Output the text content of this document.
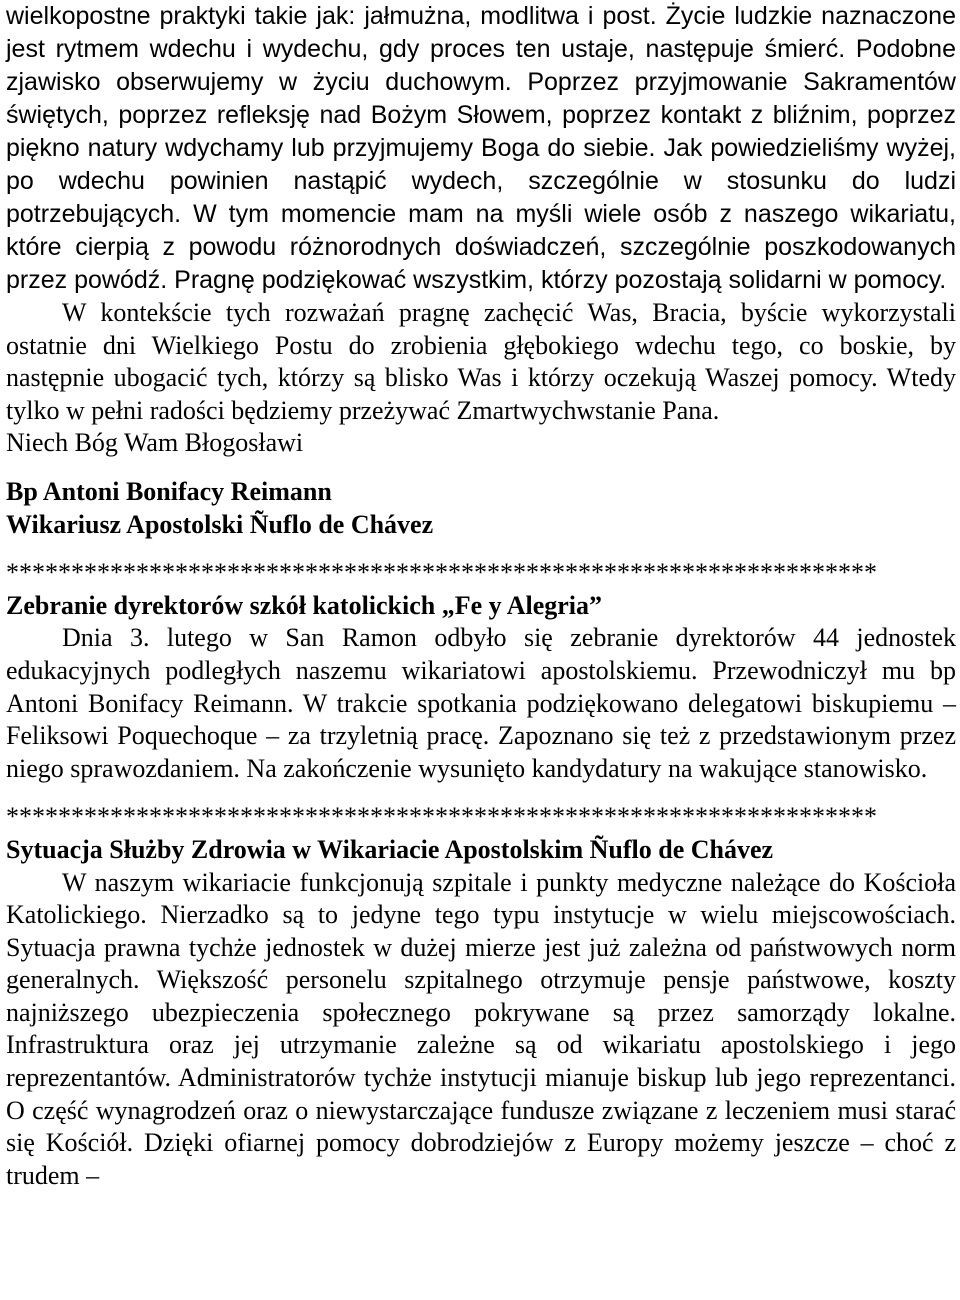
wielkopostne praktyki takie jak: jałmużna, modlitwa i post. Życie ludzkie naznaczone jest rytmem wdechu i wydechu, gdy proces ten ustaje, następuje śmierć. Podobne zjawisko obserwujemy w życiu duchowym. Poprzez przyjmowanie Sakramentów świętych, poprzez refleksję nad Bożym Słowem, poprzez kontakt z bliźnim, poprzez piękno natury wdychamy lub przyjmujemy Boga do siebie. Jak powiedzieliśmy wyżej, po wdechu powinien nastąpić wydech, szczególnie w stosunku do ludzi potrzebujących. W tym momencie mam na myśli wiele osób z naszego wikariatu, które cierpią z powodu różnorodnych doświadczeń, szczególnie poszkodowanych przez powódź. Pragnę podziękować wszystkim, którzy pozostają solidarni w pomocy.

W kontekście tych rozważań pragnę zachęcić Was, Bracia, byście wykorzystali ostatnie dni Wielkiego Postu do zrobienia głębokiego wdechu tego, co boskie, by następnie ubogacić tych, którzy są blisko Was i którzy oczekują Waszej pomocy. Wtedy tylko w pełni radości będziemy przeżywać Zmartwychwstanie Pana.

Niech Bóg Wam Błogosławi

Bp Antoni Bonifacy Reimann

Wikariusz Apostolski Ñuflo de Chávez

*******************************************************************

Zebranie dyrektorów szkół katolickich „Fe y Alegria”

Dnia 3. lutego w San Ramon odbyło się zebranie dyrektorów 44 jednostek edukacyjnych podległych naszemu wikariatowi apostolskiemu. Przewodniczył mu bp Antoni Bonifacy Reimann. W trakcie spotkania podziękowano delegatowi biskupiemu – Feliksowi Poquechoque – za trzyletnią pracę. Zapoznano się też z przedstawionym przez niego sprawozdaniem. Na zakończenie wysunięto kandydatury na wakujące stanowisko.

*******************************************************************

Sytuacja Służby Zdrowia w Wikariacie Apostolskim Ñuflo de Chávez

W naszym wikariacie funkcjonują szpitale i punkty medyczne należące do Kościoła Katolickiego. Nierzadko są to jedyne tego typu instytucje w wielu miejscowościach. Sytuacja prawna tychże jednostek w dużej mierze jest już zależna od państwowych norm generalnych. Większość personelu szpitalnego otrzymuje pensje państwowe, koszty najniższego ubezpieczenia społecznego pokrywane są przez samorządy lokalne. Infrastruktura oraz jej utrzymanie zależne są od wikariatu apostolskiego i jego reprezentantów. Administratorów tychże instytucji mianuje biskup lub jego reprezentanci. O część wynagrodzeń oraz o niewystarczające fundusze związane z leczeniem musi starać się Kościół. Dzięki ofiarnej pomocy dobrodziejów z Europy możemy jeszcze – choć z trudem –
